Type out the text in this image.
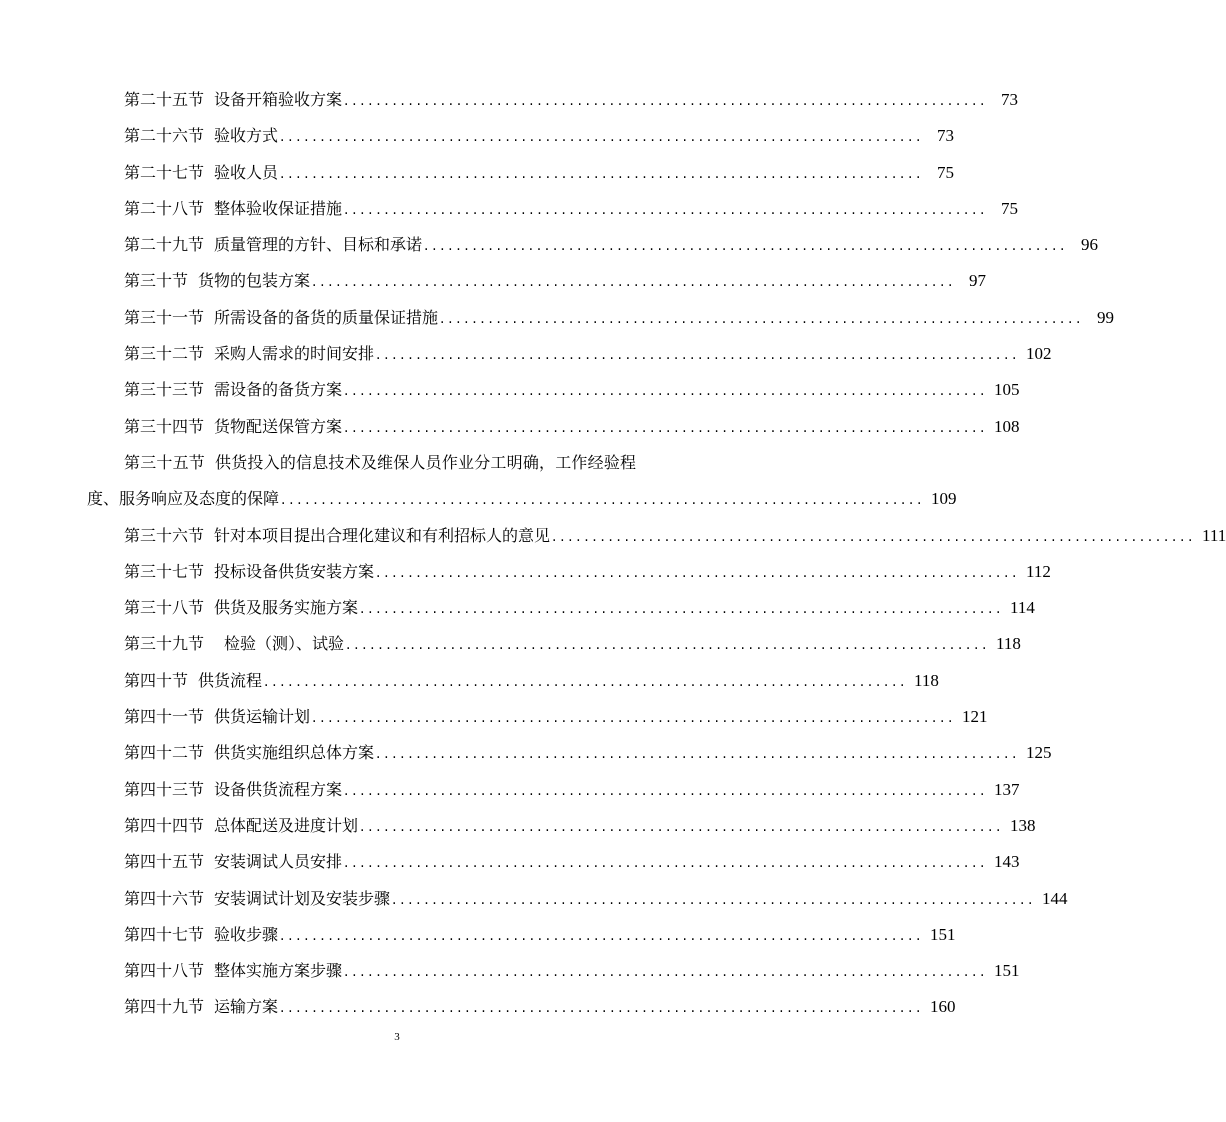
第二十五节 设备开箱验收方案 ................................................................................ 73
第二十六节 验收方式 ................................................................................ 73
第二十七节 验收人员 ................................................................................ 75
第二十八节 整体验收保证措施 ................................................................................ 75
第二十九节 质量管理的方针、目标和承诺 ................................................................................ 96
第三十节 货物的包装方案 ................................................................................ 97
第三十一节 所需设备的备货的质量保证措施 ................................................................................ 99
第三十二节 采购人需求的时间安排 ................................................................................ 102
第三十三节 需设备的备货方案 ................................................................................ 105
第三十四节 货物配送保管方案 ................................................................................ 108
第三十五节 供货投入的信息技术及维保人员作业分工明确，工作经验程
度、服务响应及态度的保障 ................................................................................ 109
第三十六节 针对本项目提出合理化建议和有利招标人的意见 ................................................................................ 111
第三十七节 投标设备供货安装方案 ................................................................................ 112
第三十八节 供货及服务实施方案 ................................................................................ 114
第三十九节 检验（测）、试验 ................................................................................ 118
第四十节 供货流程 ................................................................................ 118
第四十一节 供货运输计划 ................................................................................ 121
第四十二节 供货实施组织总体方案 ................................................................................ 125
第四十三节 设备供货流程方案 ................................................................................ 137
第四十四节 总体配送及进度计划 ................................................................................ 138
第四十五节 安装调试人员安排 ................................................................................ 143
第四十六节 安装调试计划及安装步骤 ................................................................................ 144
第四十七节 验收步骤 ................................................................................ 151
第四十八节 整体实施方案步骤 ................................................................................ 151
第四十九节 运输方案 ................................................................................ 160
3
